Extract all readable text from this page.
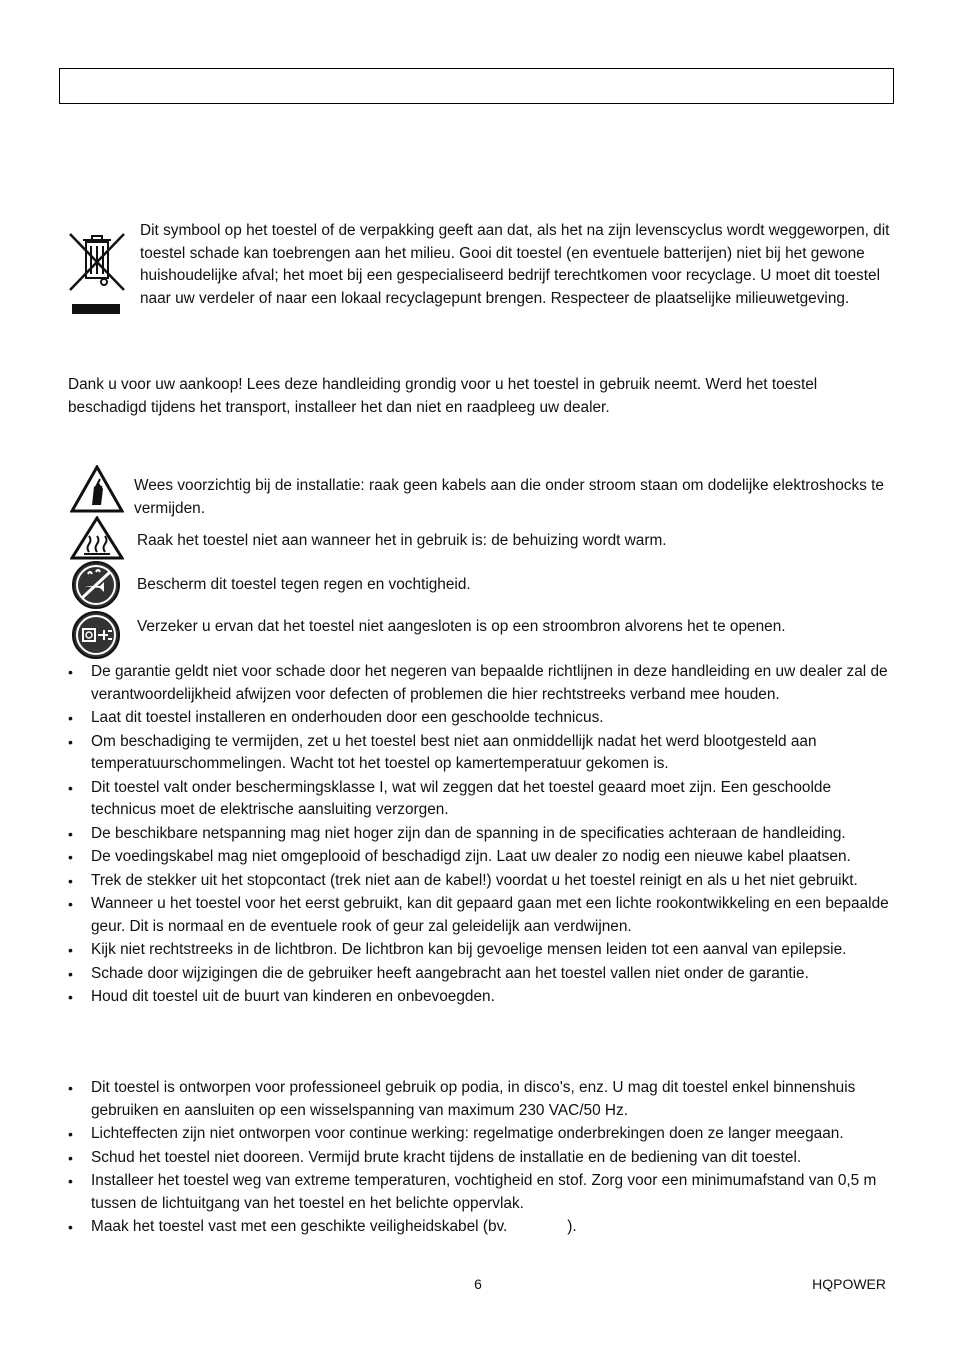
Dit symbool op het toestel of de verpakking geeft aan dat, als het na zijn levenscyclus wordt weggeworpen, dit toestel schade kan toebrengen aan het milieu. Gooi dit toestel (en eventuele batterijen) niet bij het gewone huishoudelijke afval; het moet bij een gespecialiseerd bedrijf terechtkomen voor recyclage. U moet dit toestel naar uw verdeler of naar een lokaal recyclagepunt brengen. Respecteer de plaatselijke milieuwetgeving.
Dank u voor uw aankoop! Lees deze handleiding grondig voor u het toestel in gebruik neemt. Werd het toestel beschadigd tijdens het transport, installeer het dan niet en raadpleeg uw dealer.
Wees voorzichtig bij de installatie: raak geen kabels aan die onder stroom staan om dodelijke elektroshocks te vermijden.
Raak het toestel niet aan wanneer het in gebruik is: de behuizing wordt warm.
Bescherm dit toestel tegen regen en vochtigheid.
Verzeker u ervan dat het toestel niet aangesloten is op een stroombron alvorens het te openen.
• De garantie geldt niet voor schade door het negeren van bepaalde richtlijnen in deze handleiding en uw dealer zal de verantwoordelijkheid afwijzen voor defecten of problemen die hier rechtstreeks verband mee houden.
• Laat dit toestel installeren en onderhouden door een geschoolde technicus.
• Om beschadiging te vermijden, zet u het toestel best niet aan onmiddellijk nadat het werd blootgesteld aan temperatuurschommelingen. Wacht tot het toestel op kamertemperatuur gekomen is.
• Dit toestel valt onder beschermingsklasse I, wat wil zeggen dat het toestel geaard moet zijn. Een geschoolde technicus moet de elektrische aansluiting verzorgen.
• De beschikbare netspanning mag niet hoger zijn dan de spanning in de specificaties achteraan de handleiding.
• De voedingskabel mag niet omgeplooid of beschadigd zijn. Laat uw dealer zo nodig een nieuwe kabel plaatsen.
• Trek de stekker uit het stopcontact (trek niet aan de kabel!) voordat u het toestel reinigt en als u het niet gebruikt.
• Wanneer u het toestel voor het eerst gebruikt, kan dit gepaard gaan met een lichte rookontwikkeling en een bepaalde geur. Dit is normaal en de eventuele rook of geur zal geleidelijk aan verdwijnen.
• Kijk niet rechtstreeks in de lichtbron. De lichtbron kan bij gevoelige mensen leiden tot een aanval van epilepsie.
• Schade door wijzigingen die de gebruiker heeft aangebracht aan het toestel vallen niet onder de garantie.
• Houd dit toestel uit de buurt van kinderen en onbevoegden.
• Dit toestel is ontworpen voor professioneel gebruik op podia, in disco's, enz. U mag dit toestel enkel binnenshuis gebruiken en aansluiten op een wisselspanning van maximum 230 VAC/50 Hz.
• Lichteffecten zijn niet ontworpen voor continue werking: regelmatige onderbrekingen doen ze langer meegaan.
• Schud het toestel niet dooreen. Vermijd brute kracht tijdens de installatie en de bediening van dit toestel.
• Installeer het toestel weg van extreme temperaturen, vochtigheid en stof. Zorg voor een minimumafstand van 0,5 m tussen de lichtuitgang van het toestel en het belichte oppervlak.
• Maak het toestel vast met een geschikte veiligheidskabel (bv.              ).
6	HQPOWER
